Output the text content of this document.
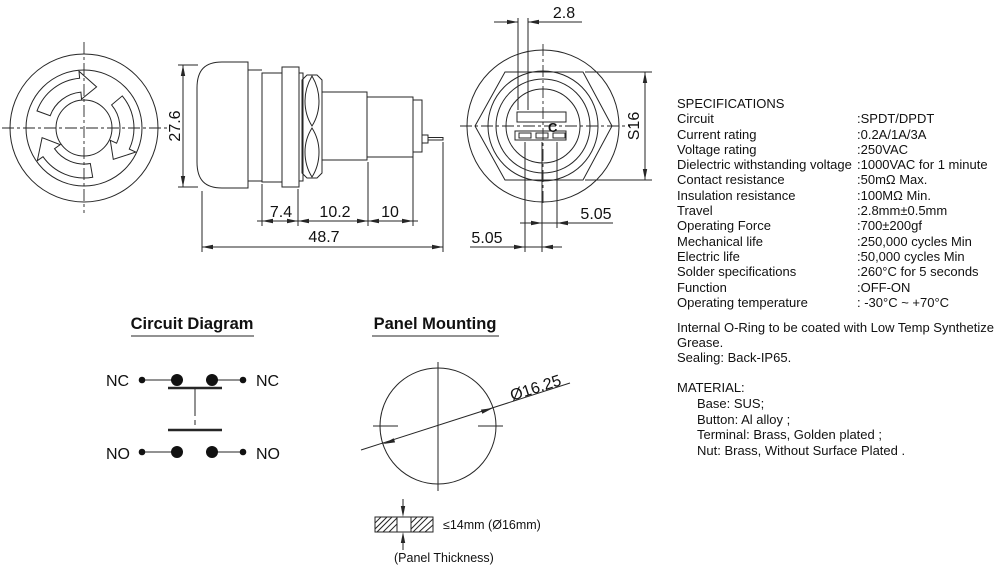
27.6
7.4 10.2 10
48.7
C
2.8
S16
5.05
5.05
Circuit Diagram
NC	NC
NO	NO
Panel Mounting
Ø16.25
≤14mm (Ø16mm)
(Panel Thickness)
SPECIFICATIONS
Circuit	:SPDT/DPDT
Current rating	:0.2A/1A/3A
Voltage rating	:250VAC
Dielectric withstanding voltage :1000VAC for 1 minute
Contact resistance	:50mΩ Max.
Insulation resistance	:100MΩ Min.
Travel	:2.8mm±0.5mm
Operating Force	:700±200gf
Mechanical life	:250,000 cycles Min
Electric life	:50,000 cycles Min
Solder specifications	:260°C for 5 seconds
Function	:OFF-ON
Operating temperature	: -30°C ~ +70°C
Internal O-Ring to be coated with Low Temp Synthetize
Grease.
Sealing: Back-IP65.
MATERIAL:
Base: SUS;
Button: Al alloy ;
Terminal: Brass, Golden plated ;
Nut: Brass, Without Surface Plated .
